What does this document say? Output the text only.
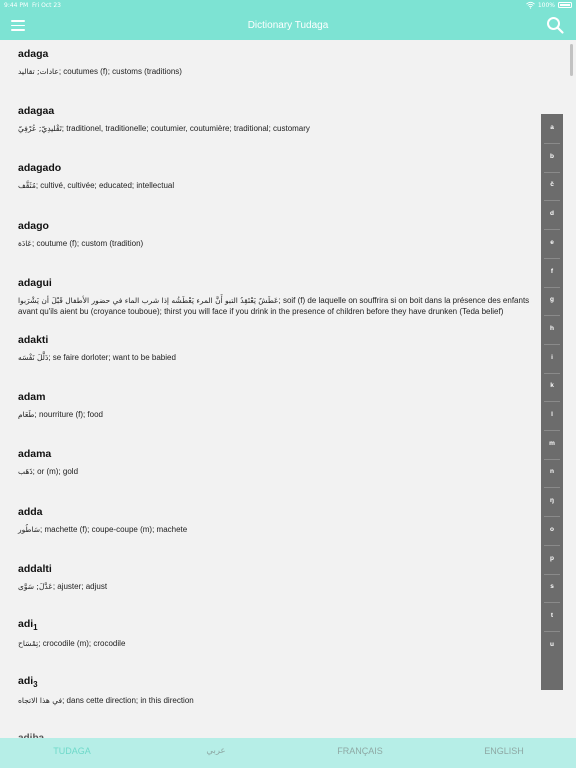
9:44 PM Fri Oct 23	100%
Dictionary Tudaga
adaga
عادات; تقاليد; coutumes (f); customs (traditions)
adagaa
تَقْليدِيّ; عُرْفِيّ; traditionel, traditionelle; coutumier, coutumière; traditional; customary
adagado
مُثَقَّف; cultivé, cultivée; educated; intellectual
adago
عَادَة; coutume (f); custom (tradition)
adagui
عَطَشٌ يَعْتَقِدُ التبو أَنَّ المرء يَعْطَشُه إذا شرب الماء في حضور الأطفال قَبْلَ أن يَشْرَبوا; soif (f) de laquelle on souffrira si on boit dans la présence des enfants avant qu'ils aient bu (croyance touboue); thirst you will face if you drink in the presence of children before they have drunken (Teda belief)
adakti
دَلَّلَ نَفْسَه; se faire dorloter; want to be babied
adam
طَعَام; nourriture (f); food
adama
ذَهَب; or (m); gold
adda
سَاطُور; machette (f); coupe-coupe (m); machete
addalti
عَدَّلَ; سَوَّى; ajuster; adjust
adi$_1$
تِمْسَاح; crocodile (m); crocodile
adi$_3$
في هذا الاتجاه; dans cette direction; in this direction
a
b
č
d
e
f
g
h
i
k
l
m
n
ŋ
o
p
s
t
u
TUDAGA	عربي	FRANÇAIS	ENGLISH
